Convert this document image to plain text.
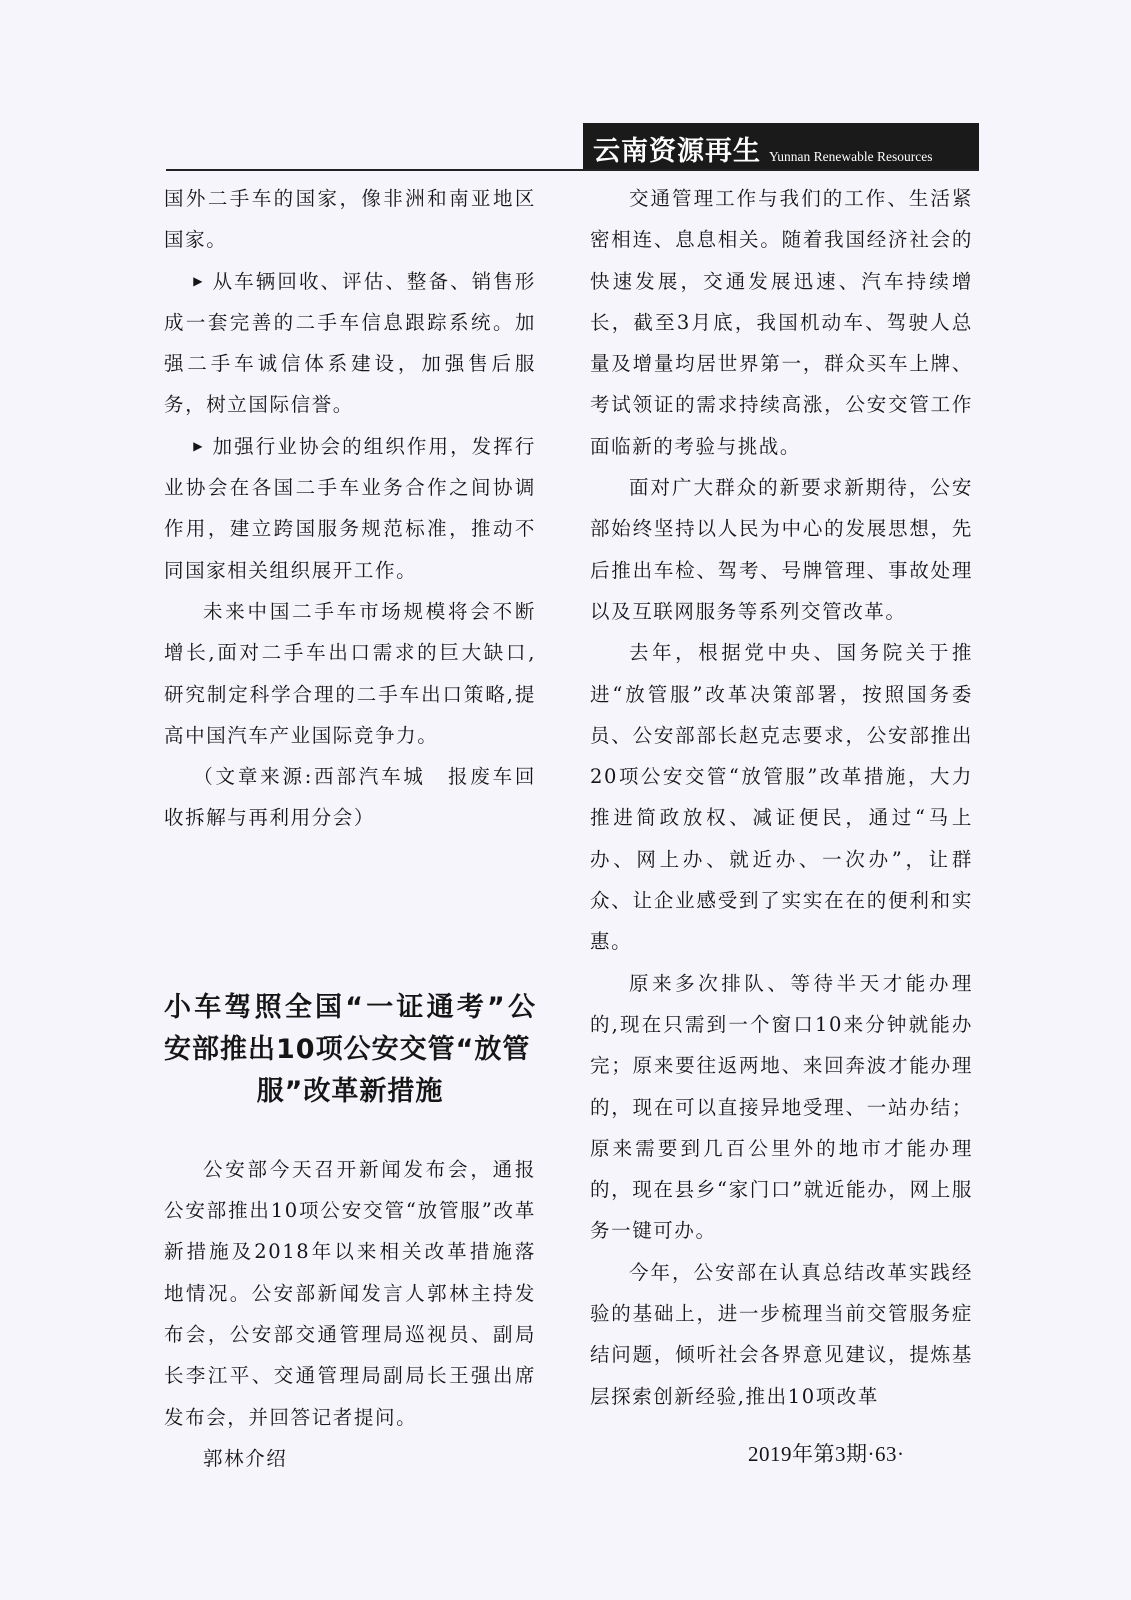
云南资源再生 Yunnan Renewable Resources

国外二手车的国家，像非洲和南亚地区国家。

▶ 从车辆回收、评估、整备、销售形成一套完善的二手车信息跟踪系统。加强二手车诚信体系建设，加强售后服务，树立国际信誉。

▶ 加强行业协会的组织作用，发挥行业协会在各国二手车业务合作之间协调作用，建立跨国服务规范标准，推动不同国家相关组织展开工作。

未来中国二手车市场规模将会不断增长,面对二手车出口需求的巨大缺口,研究制定科学合理的二手车出口策略,提高中国汽车产业国际竞争力。

（文章来源:西部汽车城　报废车回收拆解与再利用分会）

小车驾照全国“一证通考”公安部推出10项公安交管“放管
服”改革新措施

公安部今天召开新闻发布会，通报公安部推出10项公安交管“放管服”改革新措施及2018年以来相关改革措施落地情况。公安部新闻发言人郭林主持发布会，公安部交通管理局巡视员、副局长李江平、交通管理局副局长王强出席发布会，并回答记者提问。

郭林介绍

交通管理工作与我们的工作、生活紧密相连、息息相关。随着我国经济社会的快速发展，交通发展迅速、汽车持续增长，截至3月底，我国机动车、驾驶人总量及增量均居世界第一，群众买车上牌、考试领证的需求持续高涨，公安交管工作面临新的考验与挑战。

面对广大群众的新要求新期待，公安部始终坚持以人民为中心的发展思想，先后推出车检、驾考、号牌管理、事故处理以及互联网服务等系列交管改革。

去年，根据党中央、国务院关于推进“放管服”改革决策部署，按照国务委员、公安部部长赵克志要求，公安部推出20项公安交管“放管服”改革措施，大力推进简政放权、减证便民，通过“马上办、网上办、就近办、一次办”，让群众、让企业感受到了实实在在的便利和实惠。

原来多次排队、等待半天才能办理的,现在只需到一个窗口10来分钟就能办完；原来要往返两地、来回奔波才能办理的，现在可以直接异地受理、一站办结；原来需要到几百公里外的地市才能办理的，现在县乡“家门口”就近能办，网上服务一键可办。

今年，公安部在认真总结改革实践经验的基础上，进一步梳理当前交管服务症结问题，倾听社会各界意见建议，提炼基层探索创新经验,推出10项改革

2019年第3期·63·
